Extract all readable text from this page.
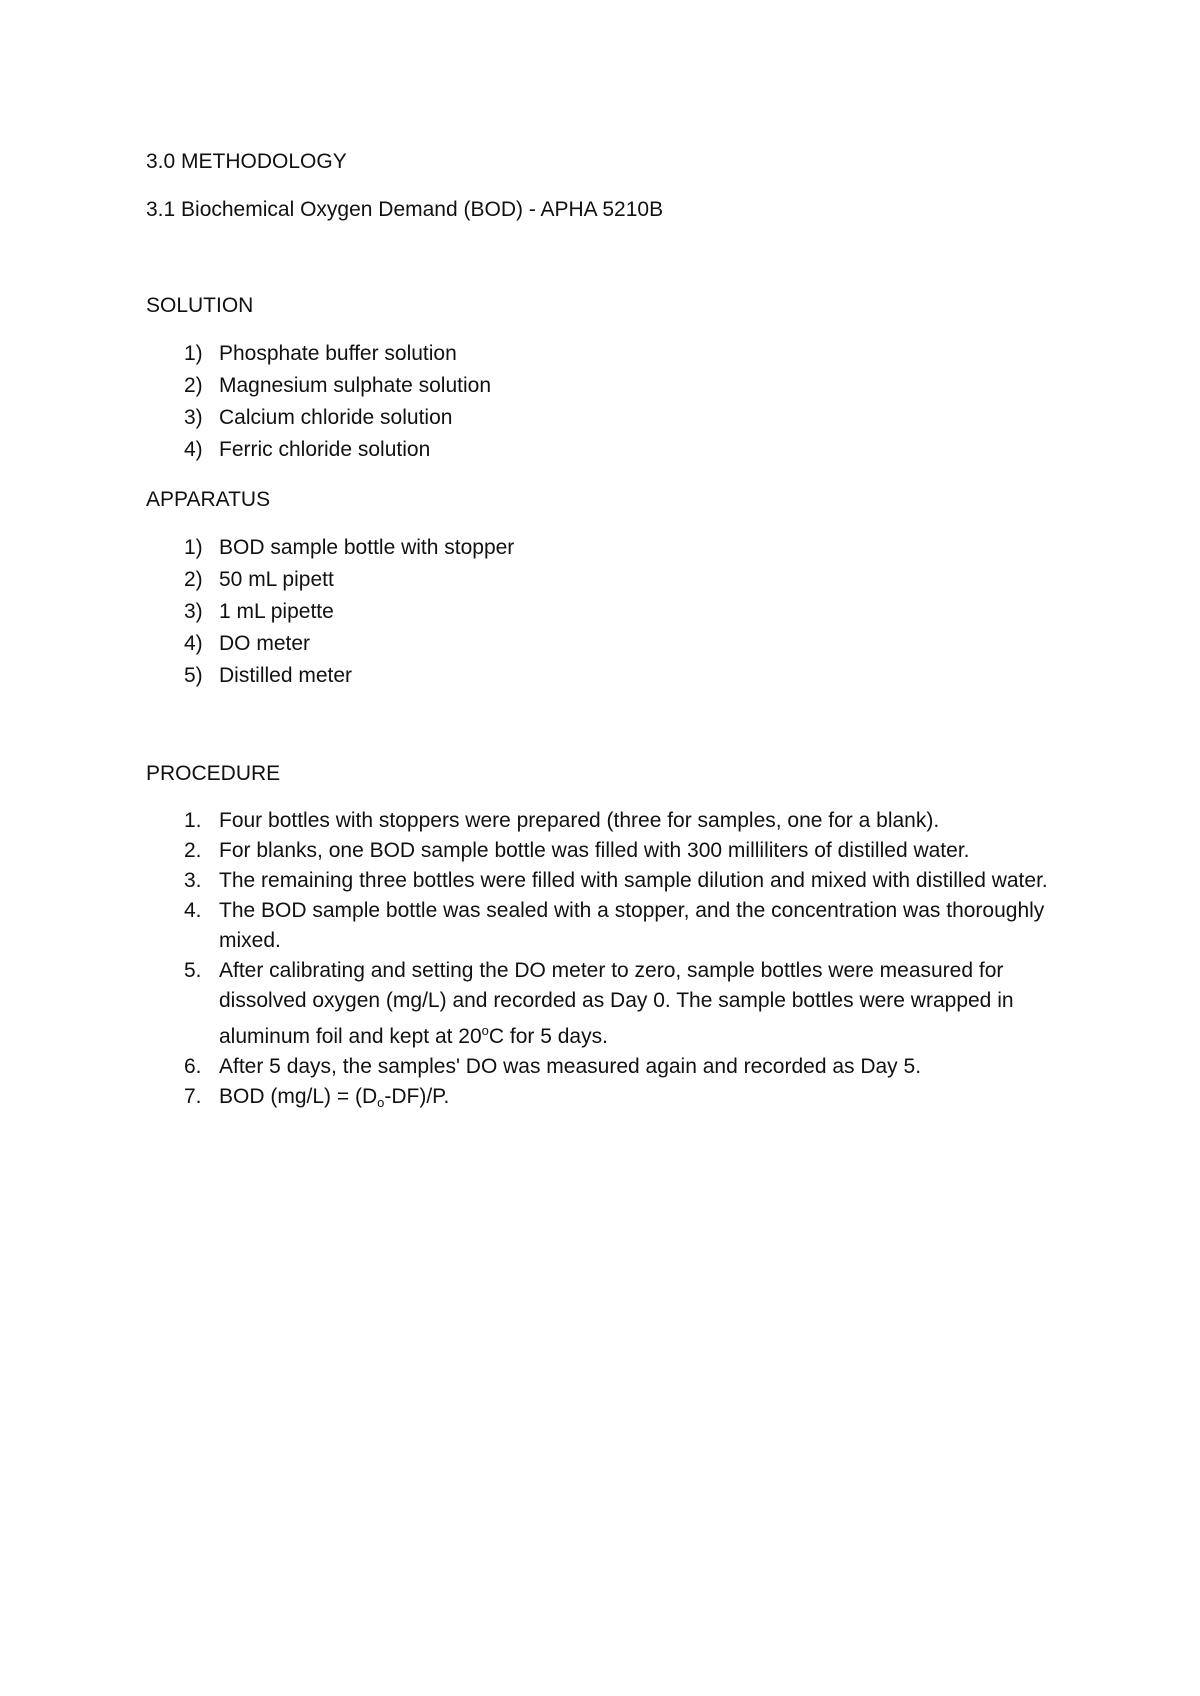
3.0 METHODOLOGY
3.1 Biochemical Oxygen Demand (BOD) - APHA 5210B
SOLUTION
1) Phosphate buffer solution
2) Magnesium sulphate solution
3) Calcium chloride solution
4) Ferric chloride solution
APPARATUS
1) BOD sample bottle with stopper
2) 50 mL pipett
3) 1 mL pipette
4) DO meter
5) Distilled meter
PROCEDURE
1. Four bottles with stoppers were prepared (three for samples, one for a blank).
2. For blanks, one BOD sample bottle was filled with 300 milliliters of distilled water.
3. The remaining three bottles were filled with sample dilution and mixed with distilled water.
4. The BOD sample bottle was sealed with a stopper, and the concentration was thoroughly mixed.
5. After calibrating and setting the DO meter to zero, sample bottles were measured for dissolved oxygen (mg/L) and recorded as Day 0. The sample bottles were wrapped in aluminum foil and kept at 20$^o$C for 5 days.
6. After 5 days, the samples' DO was measured again and recorded as Day 5.
7. BOD $(mg/L) = (D_o-DF)/P$.
